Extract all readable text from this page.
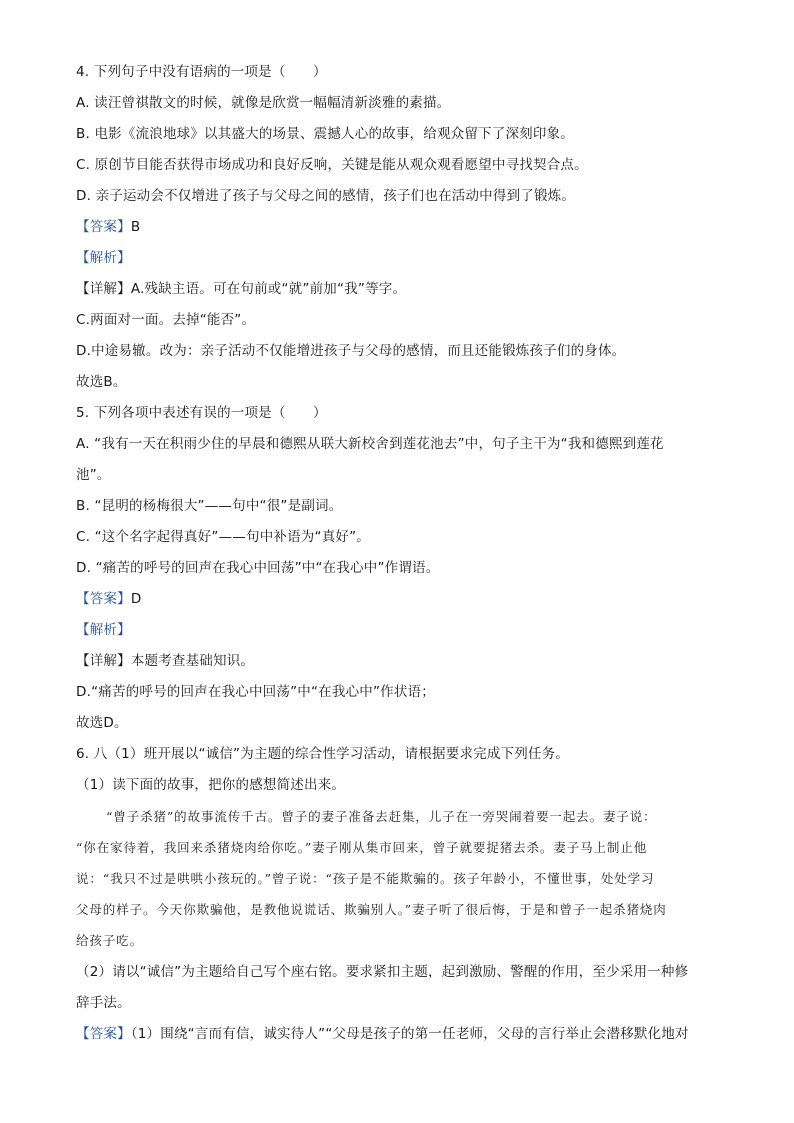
4. 下列句子中没有语病的一项是（　　）
A. 读汪曾祺散文的时候，就像是欣赏一幅幅清新淡雅的素描。
B. 电影《流浪地球》以其盛大的场景、震撼人心的故事，给观众留下了深刻印象。
C. 原创节目能否获得市场成功和良好反响，关键是能从观众观看愿望中寻找契合点。
D. 亲子运动会不仅增进了孩子与父母之间的感情，孩子们也在活动中得到了锻炼。
【答案】B
【解析】
【详解】A.残缺主语。可在句前或“就”前加“我”等字。
C.两面对一面。去掉“能否”。
D.中途易辙。改为：亲子活动不仅能增进孩子与父母的感情，而且还能锻炼孩子们的身体。
故选B。
5. 下列各项中表述有误的一项是（　　）
A. “我有一天在积雨少住的早晨和德熙从联大新校舍到莲花池去”中，句子主干为“我和德熙到莲花
池”。
B. “昆明的杨梅很大”——句中“很”是副词。
C. “这个名字起得真好”——句中补语为“真好”。
D. “痛苦的呼号的回声在我心中回荡”中“在我心中”作谓语。
【答案】D
【解析】
【详解】本题考查基础知识。
D.“痛苦的呼号的回声在我心中回荡”中“在我心中”作状语；
故选D。
6. 八（1）班开展以“诚信”为主题的综合性学习活动，请根据要求完成下列任务。
（1）读下面的故事，把你的感想简述出来。
“曾子杀猪”的故事流传千古。曾子的妻子准备去赶集，儿子在一旁哭闹着要一起去。妻子说：
“你在家待着，我回来杀猪烧肉给你吃。”妻子刚从集市回来，曾子就要捉猪去杀。妻子马上制止他
说：“我只不过是哄哄小孩玩的。”曾子说：“孩子是不能欺骗的。孩子年龄小，不懂世事，处处学习
父母的样子。今天你欺骗他，是教他说谎话、欺骗别人。”妻子听了很后悔，于是和曾子一起杀猪烧肉
给孩子吃。
（2）请以“诚信”为主题给自己写个座右铭。要求紧扣主题，起到激励、警醒的作用，至少采用一种修
辞手法。
【答案】（1）围绕“言而有信，诚实待人”“父母是孩子的第一任老师，父母的言行举止会潜移默化地对
